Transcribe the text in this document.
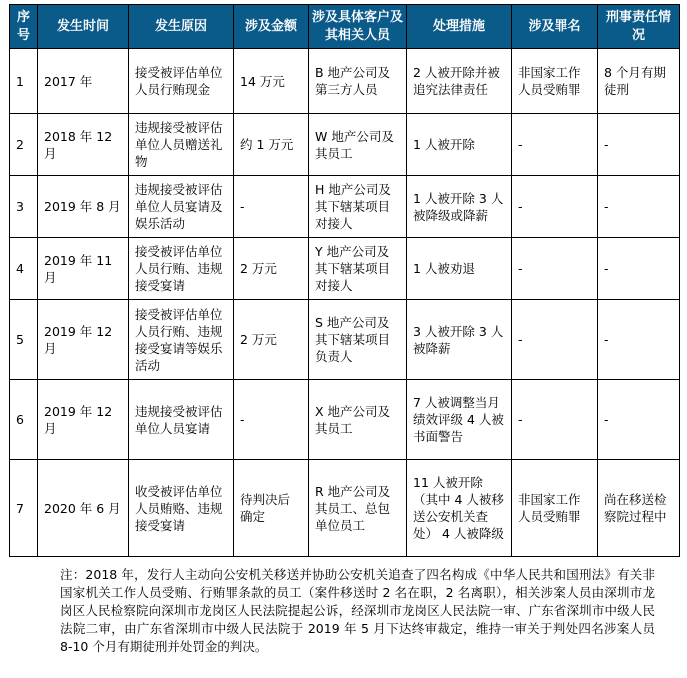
序号	发生时间	发生原因	涉及金额	涉及具体客户及其相关人员	处理措施	涉及罪名	刑事责任情况
1	2017 年	接受被评估单位人员行贿现金	14 万元	B 地产公司及第三方人员	2 人被开除并被追究法律责任	非国家工作人员受贿罪	8 个月有期徒刑
2	2018 年 12 月	违规接受被评估单位人员赠送礼物	约 1 万元	W 地产公司及其员工	1 人被开除	-	-
3	2019 年 8 月	违规接受被评估单位人员宴请及娱乐活动	-	H 地产公司及其下辖某项目对接人	1 人被开除 3 人被降级或降薪	-	-
4	2019 年 11 月	接受被评估单位人员行贿、违规接受宴请	2 万元	Y 地产公司及其下辖某项目对接人	1 人被劝退	-	-
5	2019 年 12 月	接受被评估单位人员行贿、违规接受宴请等娱乐活动	2 万元	S 地产公司及其下辖某项目负责人	3 人被开除 3 人被降薪	-	-
6	2019 年 12 月	违规接受被评估单位人员宴请	-	X 地产公司及其员工	7 人被调整当月绩效评级 4 人被书面警告	-	-
7	2020 年 6 月	收受被评估单位人员贿赂、违规接受宴请	待判决后确定	R 地产公司及其员工、总包单位员工	11 人被开除（其中 4 人被移送公安机关查处） 4 人被降级	非国家工作人员受贿罪	尚在移送检察院过程中
注：2018 年，发行人主动向公安机关移送并协助公安机关追查了四名构成《中华人民共和国刑法》有关非国家机关工作人员受贿、行贿罪条款的员工（案件移送时 2 名在职，2 名离职），相关涉案人员由深圳市龙岗区人民检察院向深圳市龙岗区人民法院提起公诉，经深圳市龙岗区人民法院一审、广东省深圳市中级人民法院二审，由广东省深圳市中级人民法院于 2019 年 5 月下达终审裁定，维持一审关于判处四名涉案人员 8-10 个月有期徒刑并处罚金的判决。
